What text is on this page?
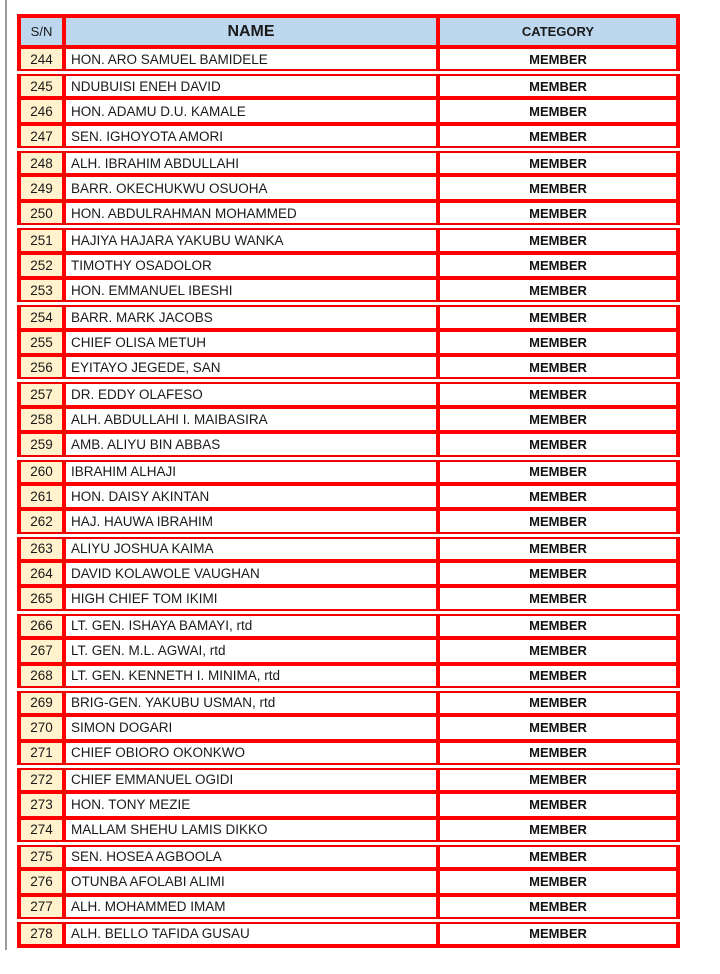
S/N	NAME	CATEGORY
244	HON. ARO SAMUEL BAMIDELE	MEMBER
245	NDUBUISI ENEH DAVID	MEMBER
246	HON. ADAMU D.U. KAMALE	MEMBER
247	SEN. IGHOYOTA AMORI	MEMBER
248	ALH. IBRAHIM ABDULLAHI	MEMBER
249	BARR. OKECHUKWU OSUOHA	MEMBER
250	HON. ABDULRAHMAN MOHAMMED	MEMBER
251	HAJIYA HAJARA YAKUBU WANKA	MEMBER
252	TIMOTHY OSADOLOR	MEMBER
253	HON. EMMANUEL IBESHI	MEMBER
254	BARR. MARK JACOBS	MEMBER
255	CHIEF OLISA METUH	MEMBER
256	EYITAYO JEGEDE, SAN	MEMBER
257	DR. EDDY OLAFESO	MEMBER
258	ALH. ABDULLAHI I. MAIBASIRA	MEMBER
259	AMB. ALIYU BIN ABBAS	MEMBER
260	IBRAHIM ALHAJI	MEMBER
261	HON. DAISY AKINTAN	MEMBER
262	HAJ. HAUWA IBRAHIM	MEMBER
263	ALIYU JOSHUA KAIMA	MEMBER
264	DAVID KOLAWOLE VAUGHAN	MEMBER
265	HIGH CHIEF TOM IKIMI	MEMBER
266	LT. GEN. ISHAYA BAMAYI, rtd	MEMBER
267	LT. GEN. M.L. AGWAI, rtd	MEMBER
268	LT. GEN. KENNETH I. MINIMA, rtd	MEMBER
269	BRIG-GEN. YAKUBU USMAN, rtd	MEMBER
270	SIMON DOGARI	MEMBER
271	CHIEF OBIORO OKONKWO	MEMBER
272	CHIEF EMMANUEL OGIDI	MEMBER
273	HON. TONY MEZIE	MEMBER
274	MALLAM SHEHU LAMIS DIKKO	MEMBER
275	SEN. HOSEA AGBOOLA	MEMBER
276	OTUNBA AFOLABI ALIMI	MEMBER
277	ALH. MOHAMMED IMAM	MEMBER
278	ALH. BELLO TAFIDA GUSAU	MEMBER
